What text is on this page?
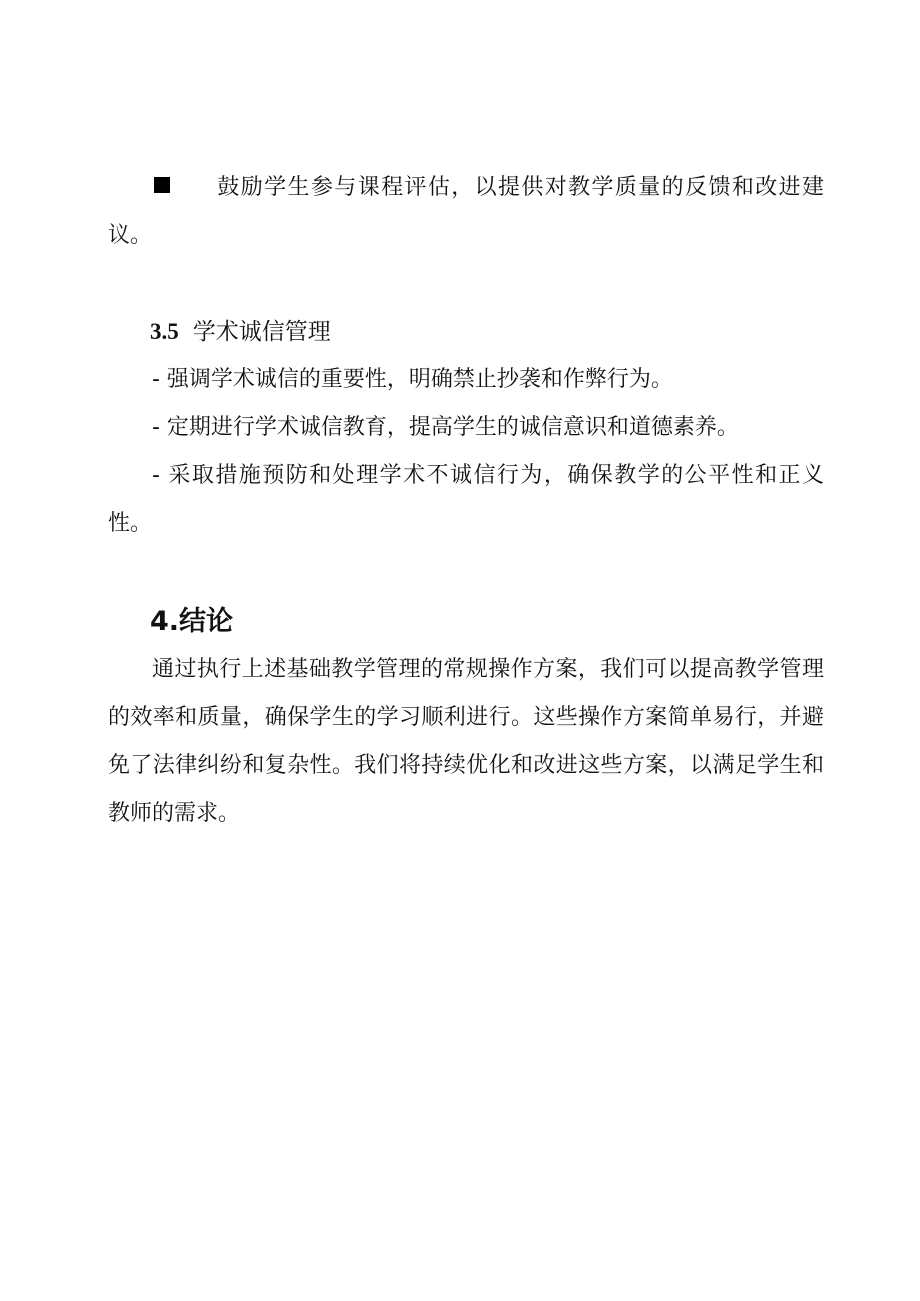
鼓励学生参与课程评估，以提供对教学质量的反馈和改进建议。

3.5 学术诚信管理
- 强调学术诚信的重要性，明确禁止抄袭和作弊行为。
- 定期进行学术诚信教育，提高学生的诚信意识和道德素养。
- 采取措施预防和处理学术不诚信行为，确保教学的公平性和正义性。
4.结论

通过执行上述基础教学管理的常规操作方案，我们可以提高教学管理的效率和质量，确保学生的学习顺利进行。这些操作方案简单易行，并避免了法律纠纷和复杂性。我们将持续优化和改进这些方案，以满足学生和教师的需求。
